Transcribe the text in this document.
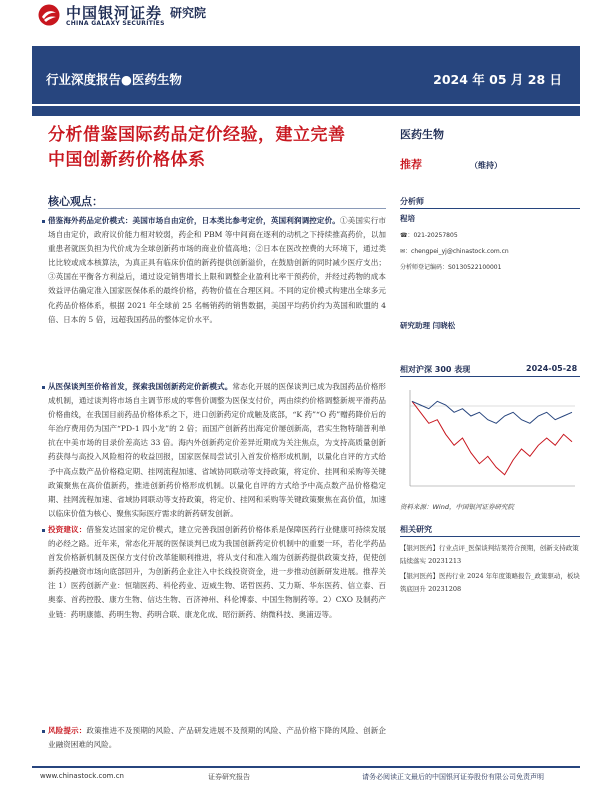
中国银河证券
CHINA GALAXY SECURITIES
研究院
行业深度报告●医药生物	2024 年 05 月 28 日
分析借鉴国际药品定价经验，建立完善
中国创新药价格体系
核心观点：
借鉴海外药品定价模式：美国市场自由定价，日本类比参考定价，英国利润调控定价。①美国实行市场自由定价，政府议价能力相对较弱，药企和 PBM 等中间商在逐利的动机之下持续推高药价，以加重患者就医负担为代价成为全球创新药市场的商业价值高地；②日本在医改控费的大环境下，通过类比比较或成本核算法，为真正具有临床价值的新药提供创新溢价，在鼓励创新的同时减少医疗支出；③英国在平衡各方利益后，通过设定销售增长上限和调整企业盈利比率干预药价，并经过药物的成本效益评估确定准入国家医保体系的最终价格，药物价值在合理区间。不同的定价模式构建出全球多元化药品价格体系，根据 2021 年全球前 25 名畅销药的销售数据，美国平均药价约为英国和欧盟的 4 倍、日本的 5 倍，远超我国药品的整体定价水平。
从医保谈判至价格首发，探索我国创新药定价新模式。常态化开展的医保谈判已成为我国药品价格形成机制，通过谈判将市场自主调节形成的零售价调整为医保支付价，两由续约价格调整新规平滑药品价格曲线，在我国目前药品价格体系之下，进口创新药定价成触及底部，“K 药”“O 药”赠药降价后的年治疗费用仍为国产“PD-1 四小龙”的 2 倍；而国产创新药出海定价屡创新高，君实生物特瑞普利单抗在中美市场的目录价差高达 33 倍。海内外创新药定价差异近期成为关注焦点，为支持高质量创新药获得与高投入风险相符的收益回报，国家医保局尝试引入首发价格形成机制，以量化自评的方式给予中高点数产品价格稳定期、挂网流程加速、省域协同联动等支持政策，将定价、挂网和采购等关键政策聚焦在高价值新药，推进创新药价格形成机制。以量化自评的方式给予中高点数产品价格稳定期、挂网流程加速、省域协同联动等支持政策，将定价、挂网和采购等关键政策聚焦在高价值，加速以临床价值为核心、聚焦实际医疗需求的新药研发创新。
投资建议：借鉴发达国家的定价模式，建立完善我国创新药价格体系是保障医药行业健康可持续发展的必经之路。近年来，常态化开展的医保谈判已成为我国创新药定价机制中的重要一环，若化学药品首发价格新机制及医保方支付价改革能顺利推进，将从支付和准入端为创新药提供政策支持，促使创新药投融资市场向底部回升，为创新药企业注入中长线投资资金，进一步推动创新研发进展。推荐关注 1）医药创新产业：恒瑞医药、科伦药业、迈威生物、诺哲医药、艾力斯、华东医药、信立泰、百奥泰、首药控股、康方生物、信达生物、百济神州、科伦博泰、中国生物制药等。2）CXO 及制药产业链：药明康德、药明生物、药明合联、康龙化成、昭衍新药、纳微科技、奥浦迈等。
风险提示：政策推进不及预期的风险、产品研发进展不及预期的风险、产品价格下降的风险、创新企业融资困难的风险。
医药生物
推荐	（维持）
分析师
程培
☎：021-20257805
✉：chengpei_yj@chinastock.com.cn
分析师登记编码：S0130522100001
研究助理 闫晓松
相对沪深 300 表现	2024-05-28
资料来源：Wind，中国银河证券研究院
相关研究
【银河医药】行业点评_医保谈判结果符合预期，创新支持政策陆续落实 20231213
【银河医药】医药行业 2024 年年度策略报告_政策驱动，板块筑底回升 20231208
www.chinastock.com.cn	证券研究报告	请务必阅读正文最后的中国银河证券股份有限公司免责声明
